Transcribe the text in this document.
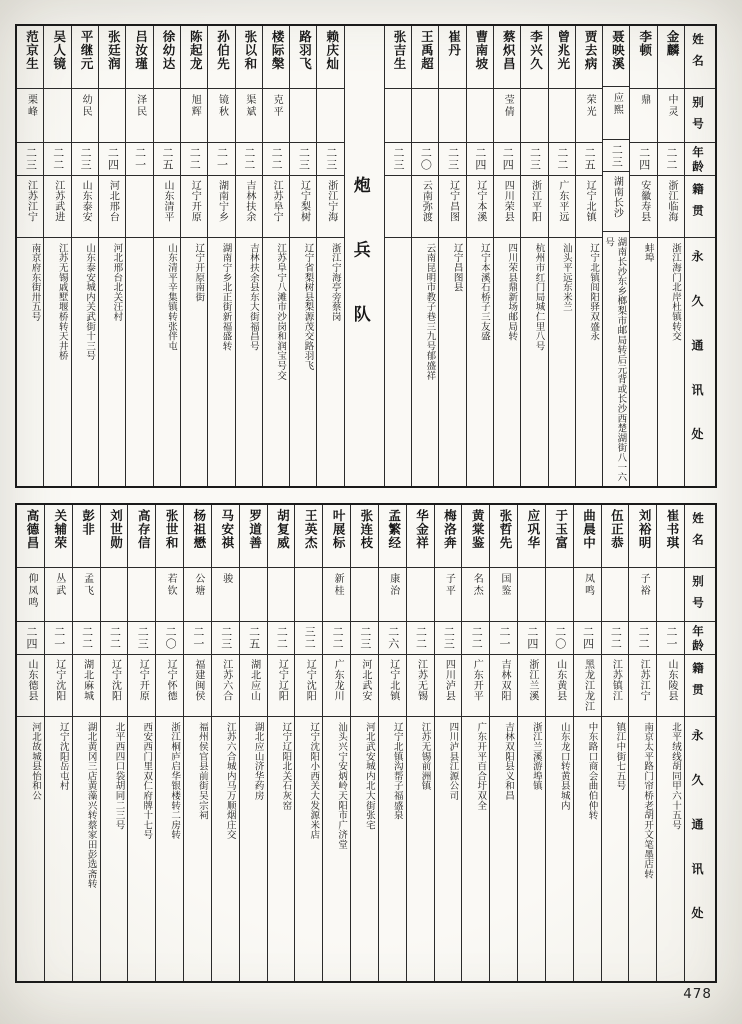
姓名
别号
年龄
籍贯
永久通讯处
金麟
中灵
二二
浙江临海
浙江海门北岸杜镇转交
李顿
鼎
二四
安徽寿县
蚌埠
聂映溪
应熙
二三
湖南长沙
湖南长沙东乡榔梨市邮局转后元背或长沙西楚湖街八一六号
贾去病
荣光
二五
辽宁北镇
辽宁北镇闾阳驿双盛永
曾兆光
二二
广东平远
汕头平远东米兰
李兴久
二三
浙江平阳
杭州市红门局城仁里八号
蔡炽昌
莹倩
二四
四川荣县
四川荣县鼎新场邮局转
曹南坡
二四
辽宁本溪
辽宁本溪石桥子三友盛
崔丹
二三
辽宁昌图
辽宁昌图县
王禹超
二〇
云南弥渡
云南昆明市教子巷三九号郁盛祥
张吉生
二三
炮兵队
赖庆灿
二三
浙江宁海
浙江宁海亭旁蔡岗
路羽飞
二三
辽宁梨树
辽宁省梨树县梨源茂交路羽飞
楼际槃
克平
二二
江苏阜宁
江苏阜宁八滩市沙岗和润宝号交
张以和
渠斌
二二
吉林扶余
吉林扶余县东大街福昌号
孙伯先
镜秋
二一
湖南宁乡
湖南宁乡北正街新福盛转
陈起龙
旭辉
二二
辽宁开原
辽宁开原南街
徐幼达
二五
山东清平
山东清平辛集镇转张伴屯
吕汝瑾
泽民
二一
张廷润
二四
河北邢台
河北邢台北关汪村
平继元
幼民
二三
山东泰安
山东泰安城内关武街十三号
吴人镜
二二
江苏武进
江苏无锡戚墅堰桥转天井桥
范京生
栗峰
二三
江苏江宁
南京府东街卅五号
姓名
别号
年龄
籍贯
永久通讯处
崔书琪
二一
山东陵县
北平绒线胡同甲六十五号
刘裕明
子裕
二二
江苏江宁
南京太平路门帘桥老胡开文笔墨店转
伍正恭
二二
江苏镇江
镇江中街七五号
曲晨中
凤鸣
二四
黑龙江龙江
中东路口商会曲伯仲转
于玉富
二〇
山东黄县
山东龙口转黄县城内
应巩华
二四
浙江兰溪
浙江兰溪游埠镇
张哲先
国鉴
二一
吉林双阳
吉林双阳县义和昌
黄棠鉴
名杰
二二
广东开平
广东开平百合圩双全
梅洛奔
子平
二三
四川泸县
四川泸县江源公司
华金祥
二二
江苏无锡
江苏无锡前洲镇
孟繁经
康治
二六
辽宁北镇
辽宁北镇沟帮子福盛泉
张连枝
二三
河北武安
河北武安城内北大街张宅
叶展标
新桂
二二
广东龙川
汕头兴宁安炳岭天阳市广济堂
王英杰
三二
辽宁沈阳
辽宁沈阳小西关大发源米店
胡复威
二二
辽宁辽阳
辽宁辽阳北关石灰窑
罗道善
二五
湖北应山
湖北应山济华药房
马安祺
骏
二三
江苏六合
江苏六合城内马万顺烟庄交
杨祖懋
公塘
二一
福建闽侯
福州侯官县前街吴宗祠
张世和
若钦
二〇
辽宁怀德
浙江桐庐启华银楼转二房转
高存信
二三
辽宁开原
西安西门里双仁府牌十七号
刘世勋
二二
辽宁沈阳
北平西四口袋胡同二三号
彭非
孟飞
二二
湖北麻城
湖北黄冈三店黄藻兴转蔡家田彭选斋转
关辅荣
丛武
二一
辽宁沈阳
辽宁沈阳岳屯村
高德昌
仰凤鸣
二四
山东德县
河北故城县怡和公
478
